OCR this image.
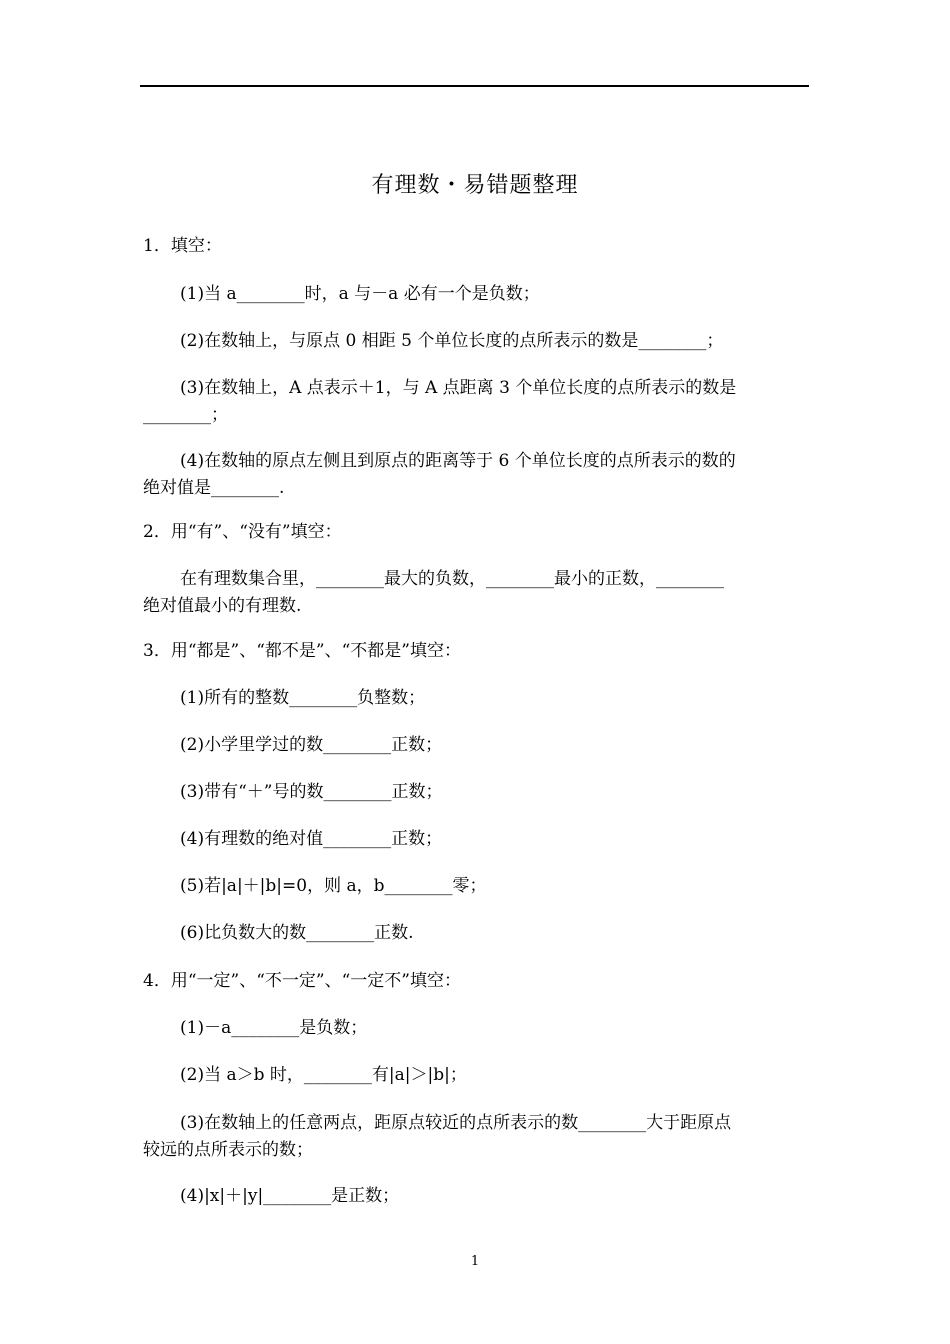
有理数・易错题整理
1．填空：
(1)当 a________时，a 与－a 必有一个是负数；
(2)在数轴上，与原点 0 相距 5 个单位长度的点所表示的数是________；
(3)在数轴上，A 点表示＋1，与 A 点距离 3 个单位长度的点所表示的数是
________；
(4)在数轴的原点左侧且到原点的距离等于 6 个单位长度的点所表示的数的
绝对值是________.
2．用“有”、“没有”填空：
在有理数集合里，________最大的负数，________最小的正数，________
绝对值最小的有理数.
3．用“都是”、“都不是”、“不都是”填空：
(1)所有的整数________负整数；
(2)小学里学过的数________正数；
(3)带有“＋”号的数________正数；
(4)有理数的绝对值________正数；
(5)若|a|＋|b|=0，则 a，b________零；
(6)比负数大的数________正数.
4．用“一定”、“不一定”、“一定不”填空：
(1)－a________是负数；
(2)当 a＞b 时，________有|a|＞|b|；
(3)在数轴上的任意两点，距原点较近的点所表示的数________大于距原点
较远的点所表示的数；
(4)|x|＋|y|________是正数；
1
